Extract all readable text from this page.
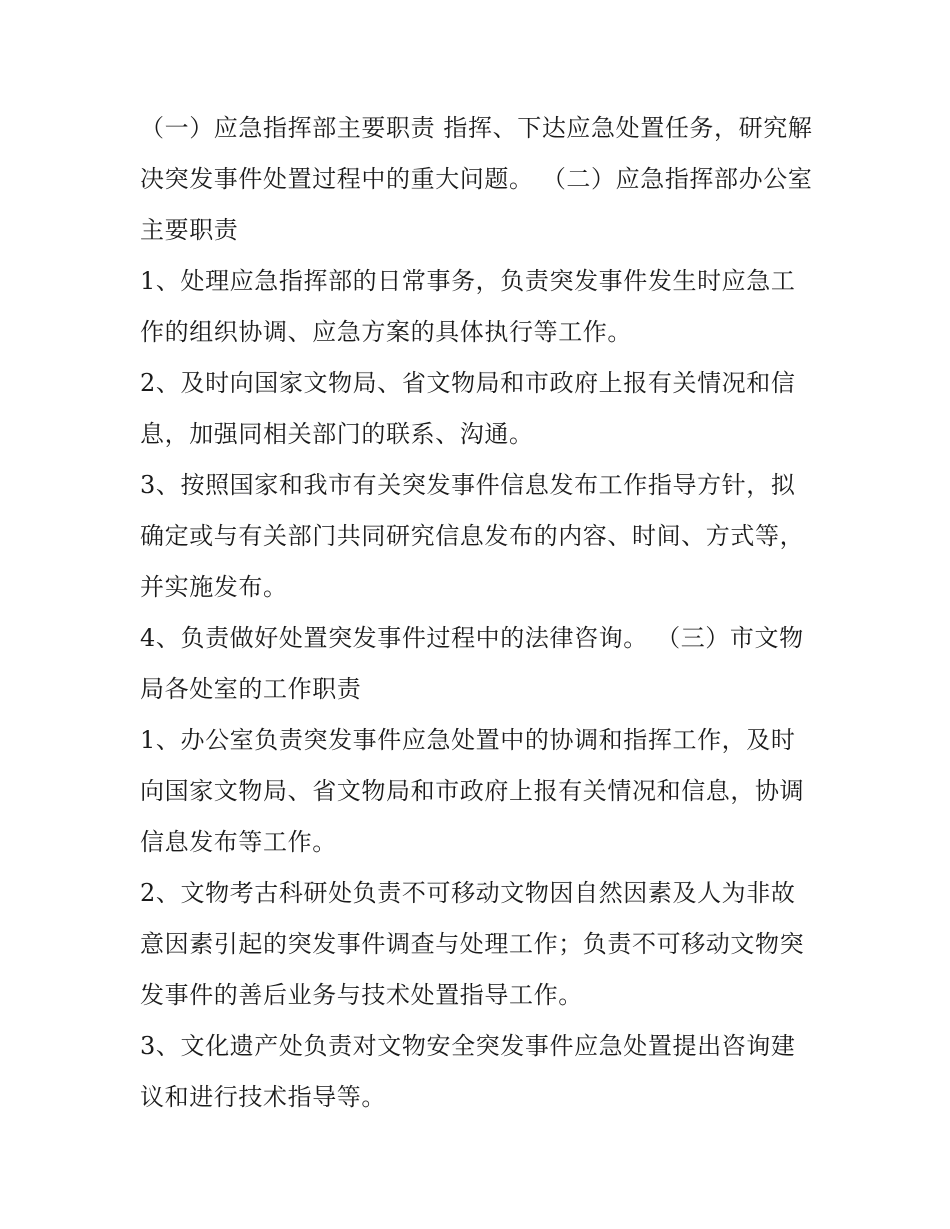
（一）应急指挥部主要职责 指挥、下达应急处置任务，研究解决突发事件处置过程中的重大问题。 （二）应急指挥部办公室主要职责

1、处理应急指挥部的日常事务，负责突发事件发生时应急工作的组织协调、应急方案的具体执行等工作。

2、及时向国家文物局、省文物局和市政府上报有关情况和信息，加强同相关部门的联系、沟通。

3、按照国家和我市有关突发事件信息发布工作指导方针，拟确定或与有关部门共同研究信息发布的内容、时间、方式等，并实施发布。

4、负责做好处置突发事件过程中的法律咨询。 （三）市文物局各处室的工作职责

1、办公室负责突发事件应急处置中的协调和指挥工作，及时向国家文物局、省文物局和市政府上报有关情况和信息，协调信息发布等工作。

2、文物考古科研处负责不可移动文物因自然因素及人为非故意因素引起的突发事件调查与处理工作；负责不可移动文物突发事件的善后业务与技术处置指导工作。

3、文化遗产处负责对文物安全突发事件应急处置提出咨询建议和进行技术指导等。
